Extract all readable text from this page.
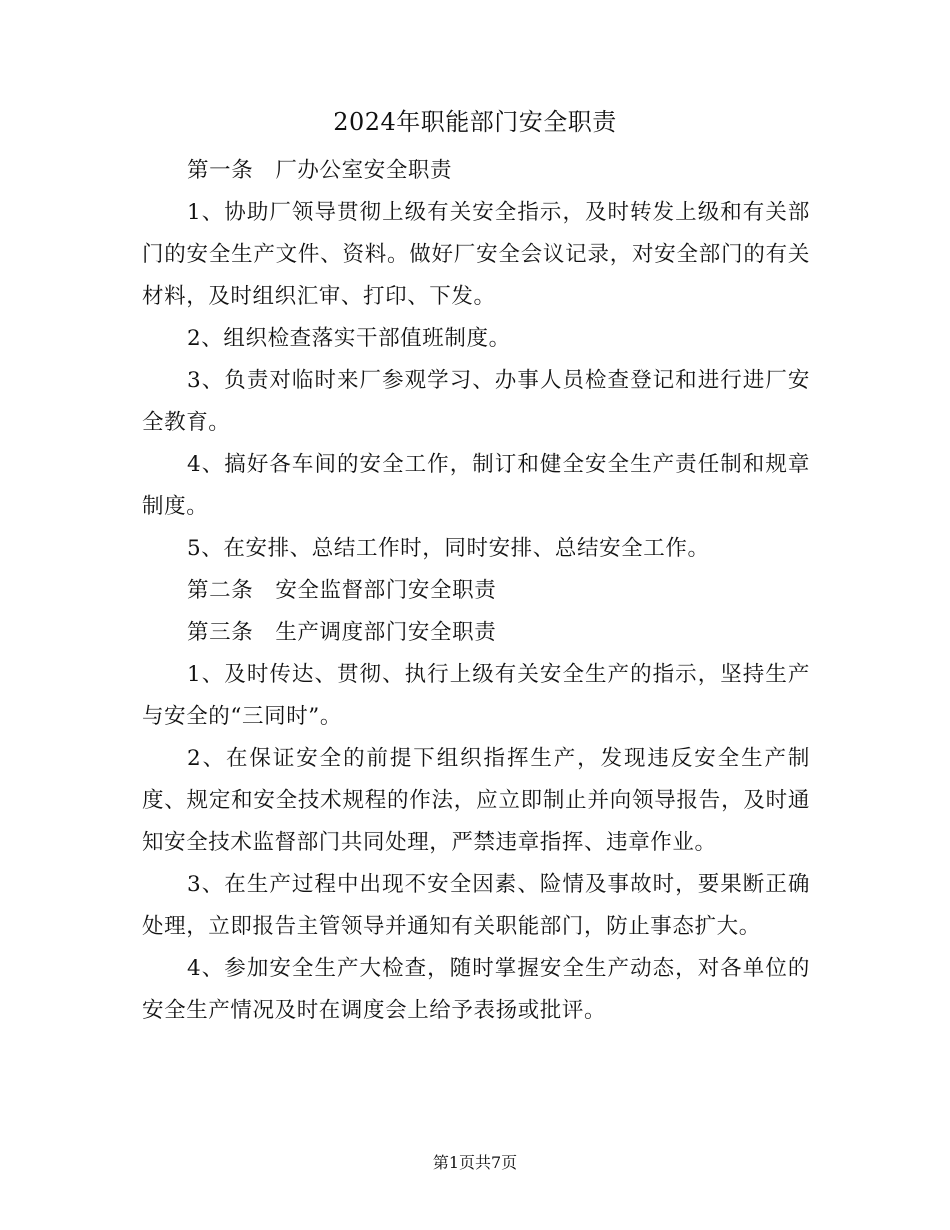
2024年职能部门安全职责

第一条 厂办公室安全职责

1、协助厂领导贯彻上级有关安全指示，及时转发上级和有关部门的安全生产文件、资料。做好厂安全会议记录，对安全部门的有关材料，及时组织汇审、打印、下发。

2、组织检查落实干部值班制度。

3、负责对临时来厂参观学习、办事人员检查登记和进行进厂安全教育。

4、搞好各车间的安全工作，制订和健全安全生产责任制和规章制度。

5、在安排、总结工作时，同时安排、总结安全工作。

第二条 安全监督部门安全职责

第三条 生产调度部门安全职责

1、及时传达、贯彻、执行上级有关安全生产的指示，坚持生产与安全的“三同时”。

2、在保证安全的前提下组织指挥生产，发现违反安全生产制度、规定和安全技术规程的作法，应立即制止并向领导报告，及时通知安全技术监督部门共同处理，严禁违章指挥、违章作业。

3、在生产过程中出现不安全因素、险情及事故时，要果断正确处理，立即报告主管领导并通知有关职能部门，防止事态扩大。

4、参加安全生产大检查，随时掌握安全生产动态，对各单位的安全生产情况及时在调度会上给予表扬或批评。

第1页共7页
